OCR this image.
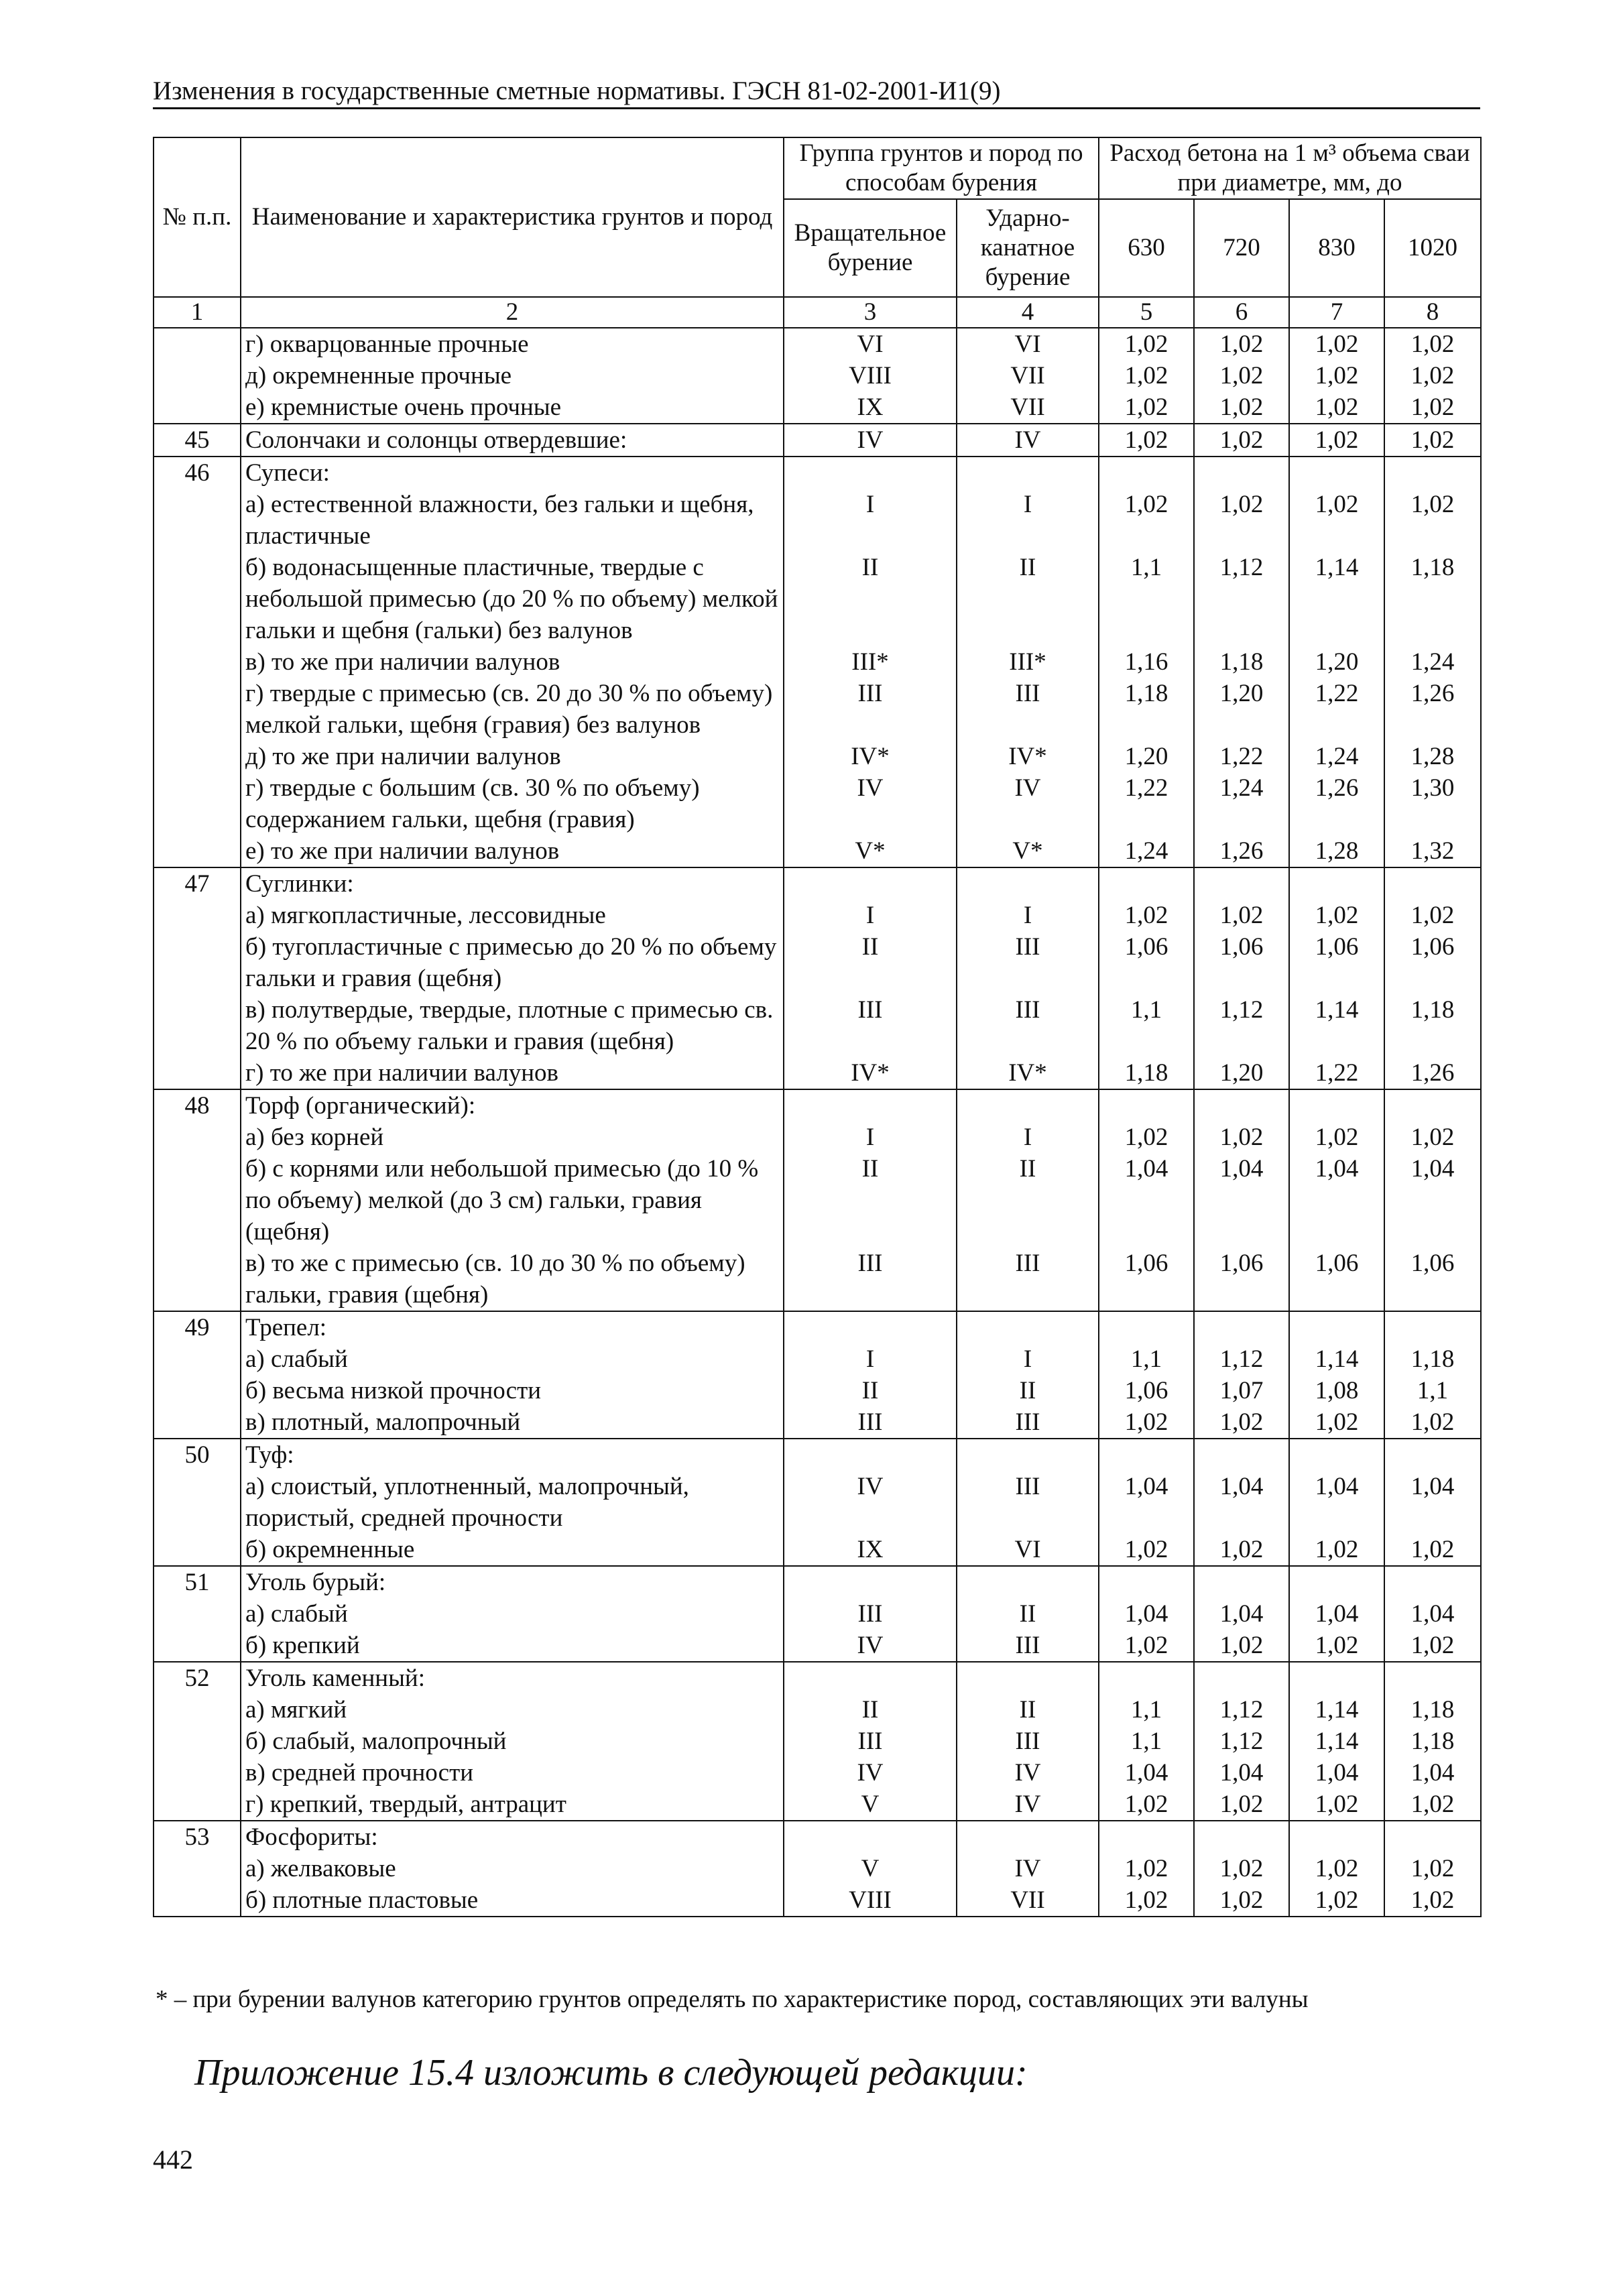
Изменения в государственные сметные нормативы. ГЭСН 81-02-2001-И1(9)
№ п.п.	Наименование и характеристика грунтов и пород	Группа грунтов и пород по способам бурения		Расход бетона на 1 м³ объема сваи при диаметре, мм, до			
		Вращательное бурение	Ударно-канатное бурение	630	720	830	1020
1	2	3	4	5	6	7	8
	г) окварцованные прочные	VI	VI	1,02	1,02	1,02	1,02
	д) окремненные прочные	VIII	VII	1,02	1,02	1,02	1,02
	е) кремнистые очень прочные	IX	VII	1,02	1,02	1,02	1,02
45	Солончаки и солонцы отвердевшие:	IV	IV	1,02	1,02	1,02	1,02
46	Супеси:						
	а) естественной влажности, без гальки и щебня, пластичные	I	I	1,02	1,02	1,02	1,02
	б) водонасыщенные пластичные, твердые с небольшой примесью (до 20 % по объему) мелкой гальки и щебня (гальки) без валунов	II	II	1,1	1,12	1,14	1,18
	в) то же при наличии валунов	III*	III*	1,16	1,18	1,20	1,24
	г) твердые с примесью (св. 20 до 30 % по объему) мелкой гальки, щебня (гравия) без валунов	III	III	1,18	1,20	1,22	1,26
	д) то же при наличии валунов	IV*	IV*	1,20	1,22	1,24	1,28
	г) твердые с большим (св. 30 % по объему) содержанием гальки, щебня (гравия)	IV	IV	1,22	1,24	1,26	1,30
	е) то же при наличии валунов	V*	V*	1,24	1,26	1,28	1,32
47	Суглинки:						
	а) мягкопластичные, лессовидные	I	I	1,02	1,02	1,02	1,02
	б) тугопластичные с примесью до 20 % по объему гальки и гравия (щебня)	II	III	1,06	1,06	1,06	1,06
	в) полутвердые, твердые, плотные с примесью св. 20 % по объему гальки и гравия (щебня)	III	III	1,1	1,12	1,14	1,18
	г) то же при наличии валунов	IV*	IV*	1,18	1,20	1,22	1,26
48	Торф (органический):						
	а) без корней	I	I	1,02	1,02	1,02	1,02
	б) с корнями или небольшой примесью (до 10 % по объему) мелкой (до 3 см) гальки, гравия (щебня)	II	II	1,04	1,04	1,04	1,04
	в) то же с примесью (св. 10 до 30 % по объему) гальки, гравия (щебня)	III	III	1,06	1,06	1,06	1,06
49	Трепел:						
	а) слабый	I	I	1,1	1,12	1,14	1,18
	б) весьма низкой прочности	II	II	1,06	1,07	1,08	1,1
	в) плотный, малопрочный	III	III	1,02	1,02	1,02	1,02
50	Туф:						
	а) слоистый, уплотненный, малопрочный, пористый, средней прочности	IV	III	1,04	1,04	1,04	1,04
	б) окремненные	IX	VI	1,02	1,02	1,02	1,02
51	Уголь бурый:						
	а) слабый	III	II	1,04	1,04	1,04	1,04
	б) крепкий	IV	III	1,02	1,02	1,02	1,02
52	Уголь каменный:						
	а) мягкий	II	II	1,1	1,12	1,14	1,18
	б) слабый, малопрочный	III	III	1,1	1,12	1,14	1,18
	в) средней прочности	IV	IV	1,04	1,04	1,04	1,04
	г) крепкий, твердый, антрацит	V	IV	1,02	1,02	1,02	1,02
53	Фосфориты:						
	а) желваковые	V	IV	1,02	1,02	1,02	1,02
	б) плотные пластовые	VIII	VII	1,02	1,02	1,02	1,02
* – при бурении валунов категорию грунтов определять по характеристике пород, составляющих эти валуны
Приложение 15.4 изложить в следующей редакции:
442
